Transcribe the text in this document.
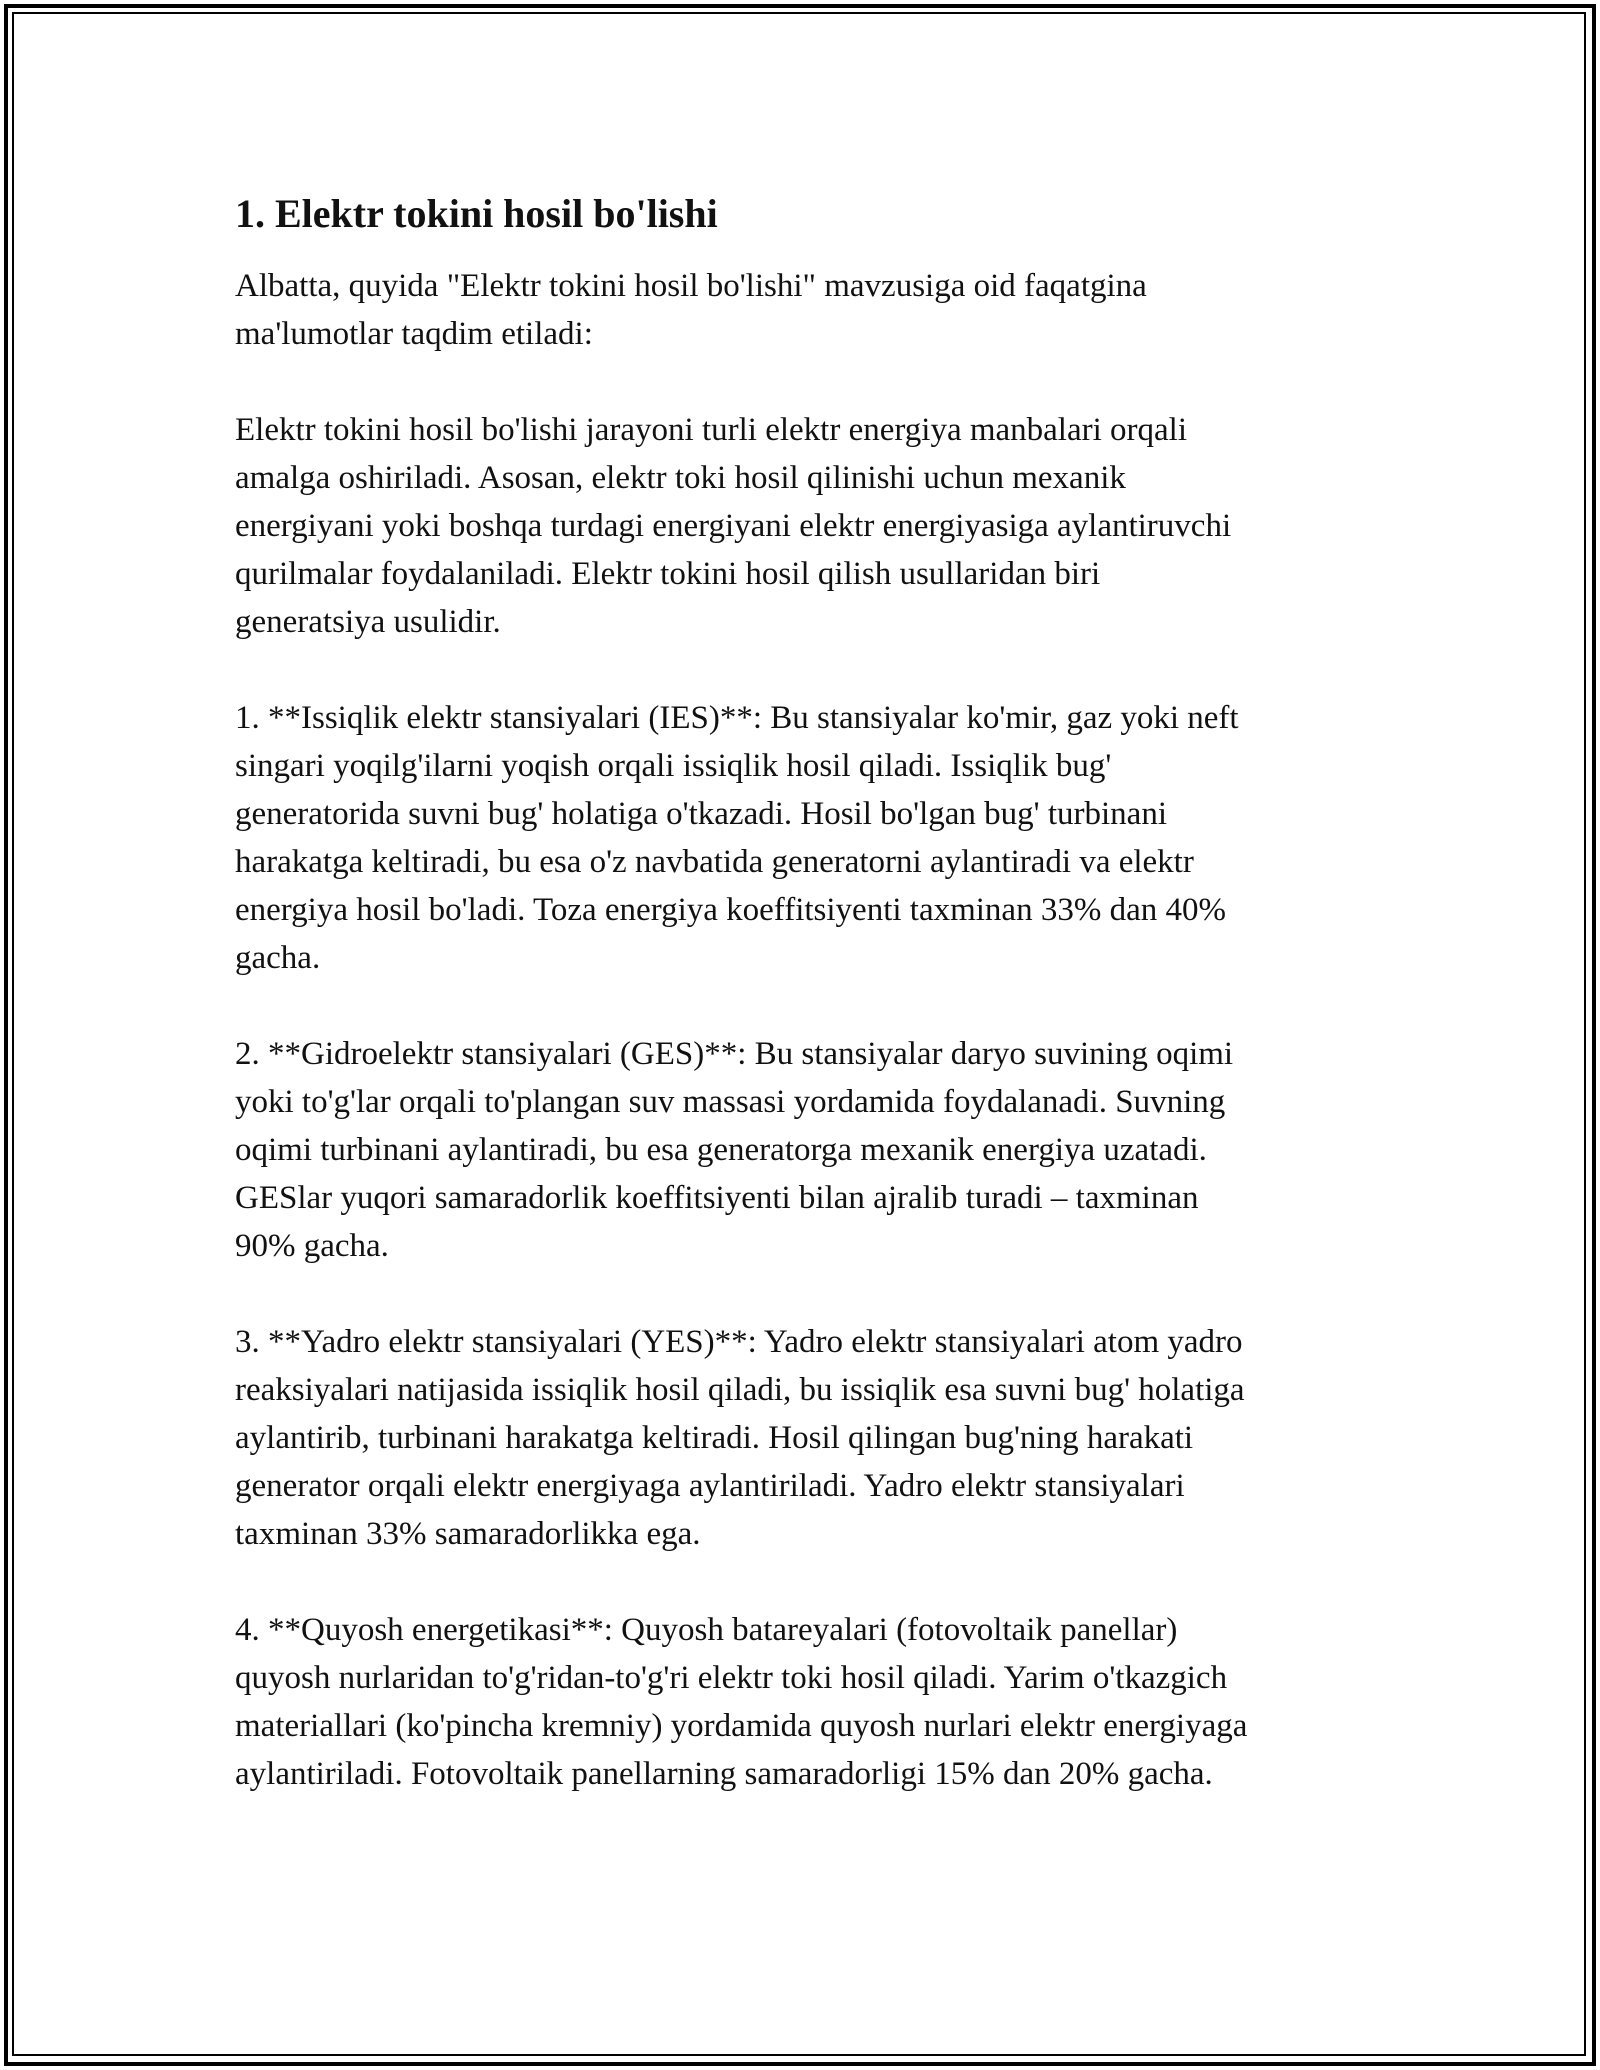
1. Elektr tokini hosil bo'lishi

Albatta, quyida "Elektr tokini hosil bo'lishi" mavzusiga oid faqatgina
ma'lumotlar taqdim etiladi:

Elektr tokini hosil bo'lishi jarayoni turli elektr energiya manbalari orqali
amalga oshiriladi. Asosan, elektr toki hosil qilinishi uchun mexanik
energiyani yoki boshqa turdagi energiyani elektr energiyasiga aylantiruvchi
qurilmalar foydalaniladi. Elektr tokini hosil qilish usullaridan biri
generatsiya usulidir.

1. **Issiqlik elektr stansiyalari (IES)**: Bu stansiyalar ko'mir, gaz yoki neft
singari yoqilg'ilarni yoqish orqali issiqlik hosil qiladi. Issiqlik bug'
generatorida suvni bug' holatiga o'tkazadi. Hosil bo'lgan bug' turbinani
harakatga keltiradi, bu esa o'z navbatida generatorni aylantiradi va elektr
energiya hosil bo'ladi. Toza energiya koeffitsiyenti taxminan 33% dan 40%
gacha.

2. **Gidroelektr stansiyalari (GES)**: Bu stansiyalar daryo suvining oqimi
yoki to'g'lar orqali to'plangan suv massasi yordamida foydalanadi. Suvning
oqimi turbinani aylantiradi, bu esa generatorga mexanik energiya uzatadi.
GESlar yuqori samaradorlik koeffitsiyenti bilan ajralib turadi – taxminan
90% gacha.

3. **Yadro elektr stansiyalari (YES)**: Yadro elektr stansiyalari atom yadro
reaksiyalari natijasida issiqlik hosil qiladi, bu issiqlik esa suvni bug' holatiga
aylantirib, turbinani harakatga keltiradi. Hosil qilingan bug'ning harakati
generator orqali elektr energiyaga aylantiriladi. Yadro elektr stansiyalari
taxminan 33% samaradorlikka ega.

4. **Quyosh energetikasi**: Quyosh batareyalari (fotovoltaik panellar)
quyosh nurlaridan to'g'ridan-to'g'ri elektr toki hosil qiladi. Yarim o'tkazgich
materiallari (ko'pincha kremniy) yordamida quyosh nurlari elektr energiyaga
aylantiriladi. Fotovoltaik panellarning samaradorligi 15% dan 20% gacha.
